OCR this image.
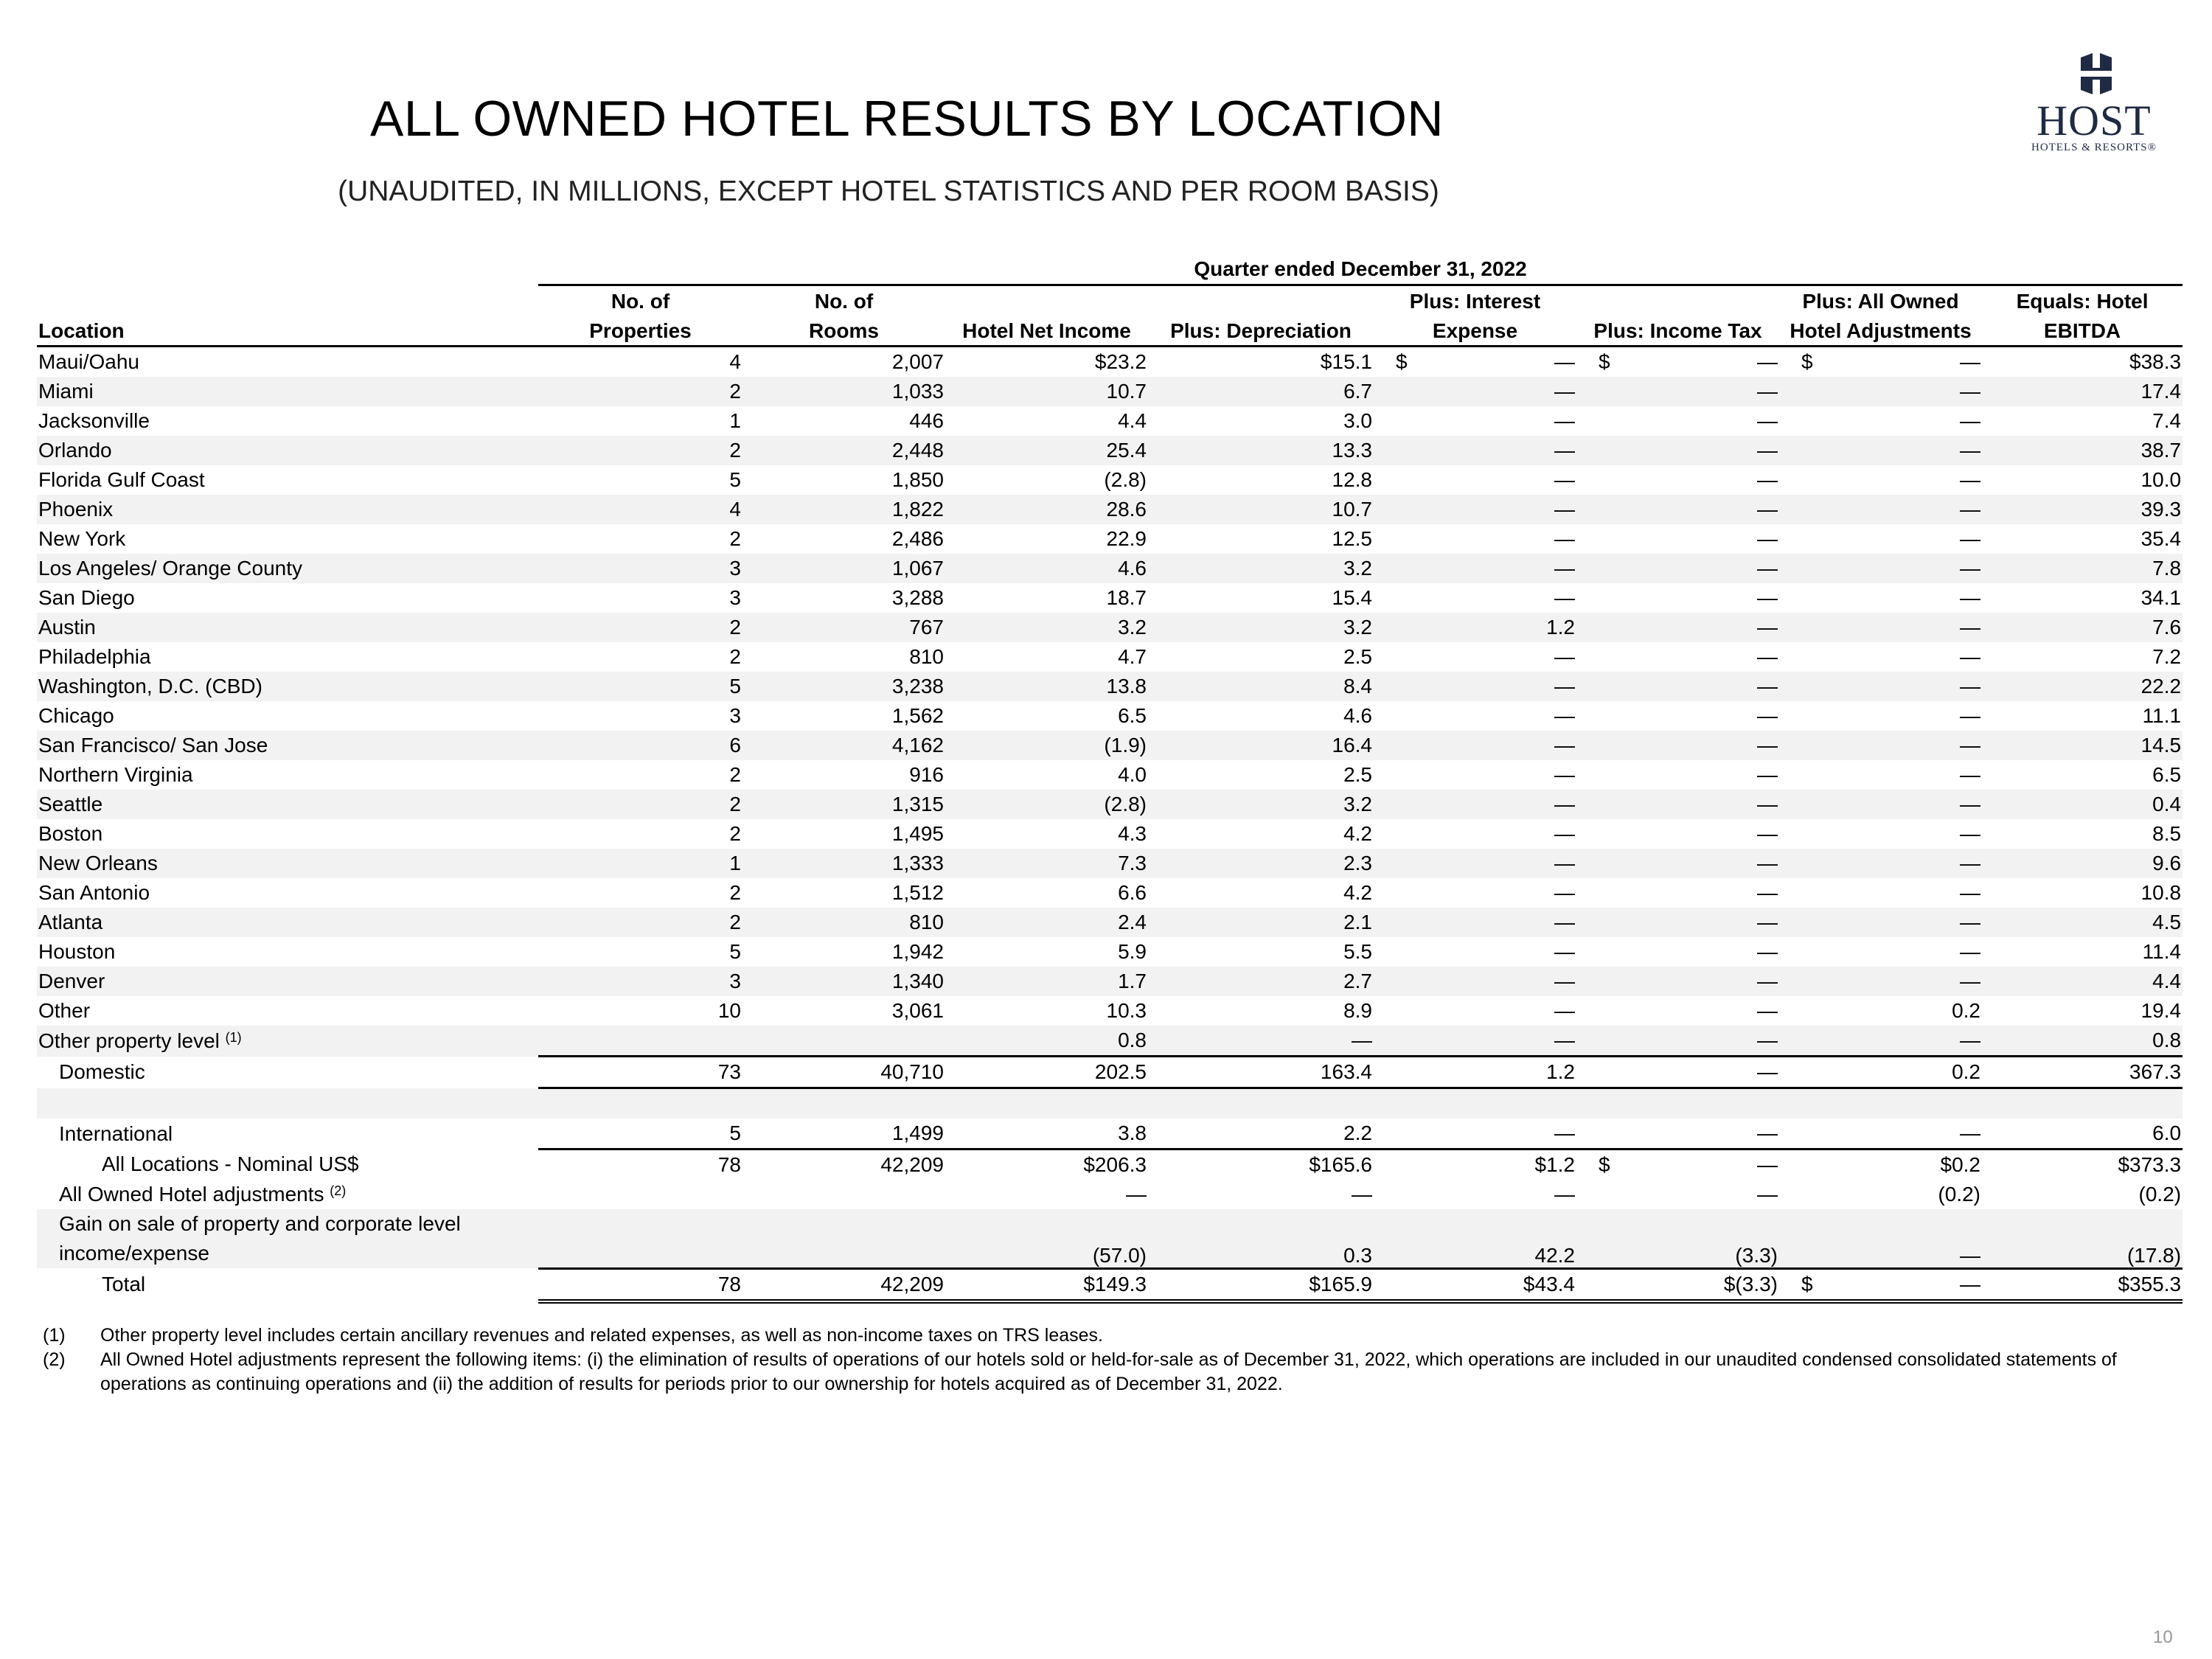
ALL OWNED HOTEL RESULTS BY LOCATION
(UNAUDITED, IN MILLIONS, EXCEPT HOTEL STATISTICS AND PER ROOM BASIS)
HOST
HOTELS & RESORTS®
	Quarter ended December 31, 2022							
	No. of	No. of			Plus: Interest		Plus: All Owned	Equals: Hotel
Location	Properties	Rooms	Hotel Net Income	Plus: Depreciation	Expense	Plus: Income Tax	Hotel Adjustments	EBITDA
Maui/Oahu	4	2,007	$23.2	$15.1	$ —	$ —	$ —	$38.3
Miami	2	1,033	10.7	6.7	—	—	—	17.4
Jacksonville	1	446	4.4	3.0	—	—	—	7.4
Orlando	2	2,448	25.4	13.3	—	—	—	38.7
Florida Gulf Coast	5	1,850	(2.8)	12.8	—	—	—	10.0
Phoenix	4	1,822	28.6	10.7	—	—	—	39.3
New York	2	2,486	22.9	12.5	—	—	—	35.4
Los Angeles/ Orange County	3	1,067	4.6	3.2	—	—	—	7.8
San Diego	3	3,288	18.7	15.4	—	—	—	34.1
Austin	2	767	3.2	3.2	1.2	—	—	7.6
Philadelphia	2	810	4.7	2.5	—	—	—	7.2
Washington, D.C. (CBD)	5	3,238	13.8	8.4	—	—	—	22.2
Chicago	3	1,562	6.5	4.6	—	—	—	11.1
San Francisco/ San Jose	6	4,162	(1.9)	16.4	—	—	—	14.5
Northern Virginia	2	916	4.0	2.5	—	—	—	6.5
Seattle	2	1,315	(2.8)	3.2	—	—	—	0.4
Boston	2	1,495	4.3	4.2	—	—	—	8.5
New Orleans	1	1,333	7.3	2.3	—	—	—	9.6
San Antonio	2	1,512	6.6	4.2	—	—	—	10.8
Atlanta	2	810	2.4	2.1	—	—	—	4.5
Houston	5	1,942	5.9	5.5	—	—	—	11.4
Denver	3	1,340	1.7	2.7	—	—	—	4.4
Other	10	3,061	10.3	8.9	—	—	0.2	19.4
Other property level $^{(1)}$			0.8	—	—	—	—	0.8
Domestic	73	40,710	202.5	163.4	1.2	—	0.2	367.3

International	5	1,499	3.8	2.2	—	—	—	6.0
All Locations - Nominal US$	78	42,209	$206.3	$165.6	$1.2	$ —	$0.2	$373.3
All Owned Hotel adjustments $^{(2)}$			—	—	—	—	(0.2)	(0.2)

Gain on sale of property and corporate level
income/expense			(57.0)	0.3	42.2	(3.3)	—	(17.8)
Total	78	42,209	$149.3	$165.9	$43.4	$(3.3)	$ —	$355.3
(1)	Other property level includes certain ancillary revenues and related expenses, as well as non-income taxes on TRS leases.
(2)	All Owned Hotel adjustments represent the following items: (i) the elimination of results of operations of our hotels sold or held-for-sale as of December 31, 2022, which operations are included in our unaudited condensed consolidated statements of operations as continuing operations and (ii) the addition of results for periods prior to our ownership for hotels acquired as of December 31, 2022.
10
